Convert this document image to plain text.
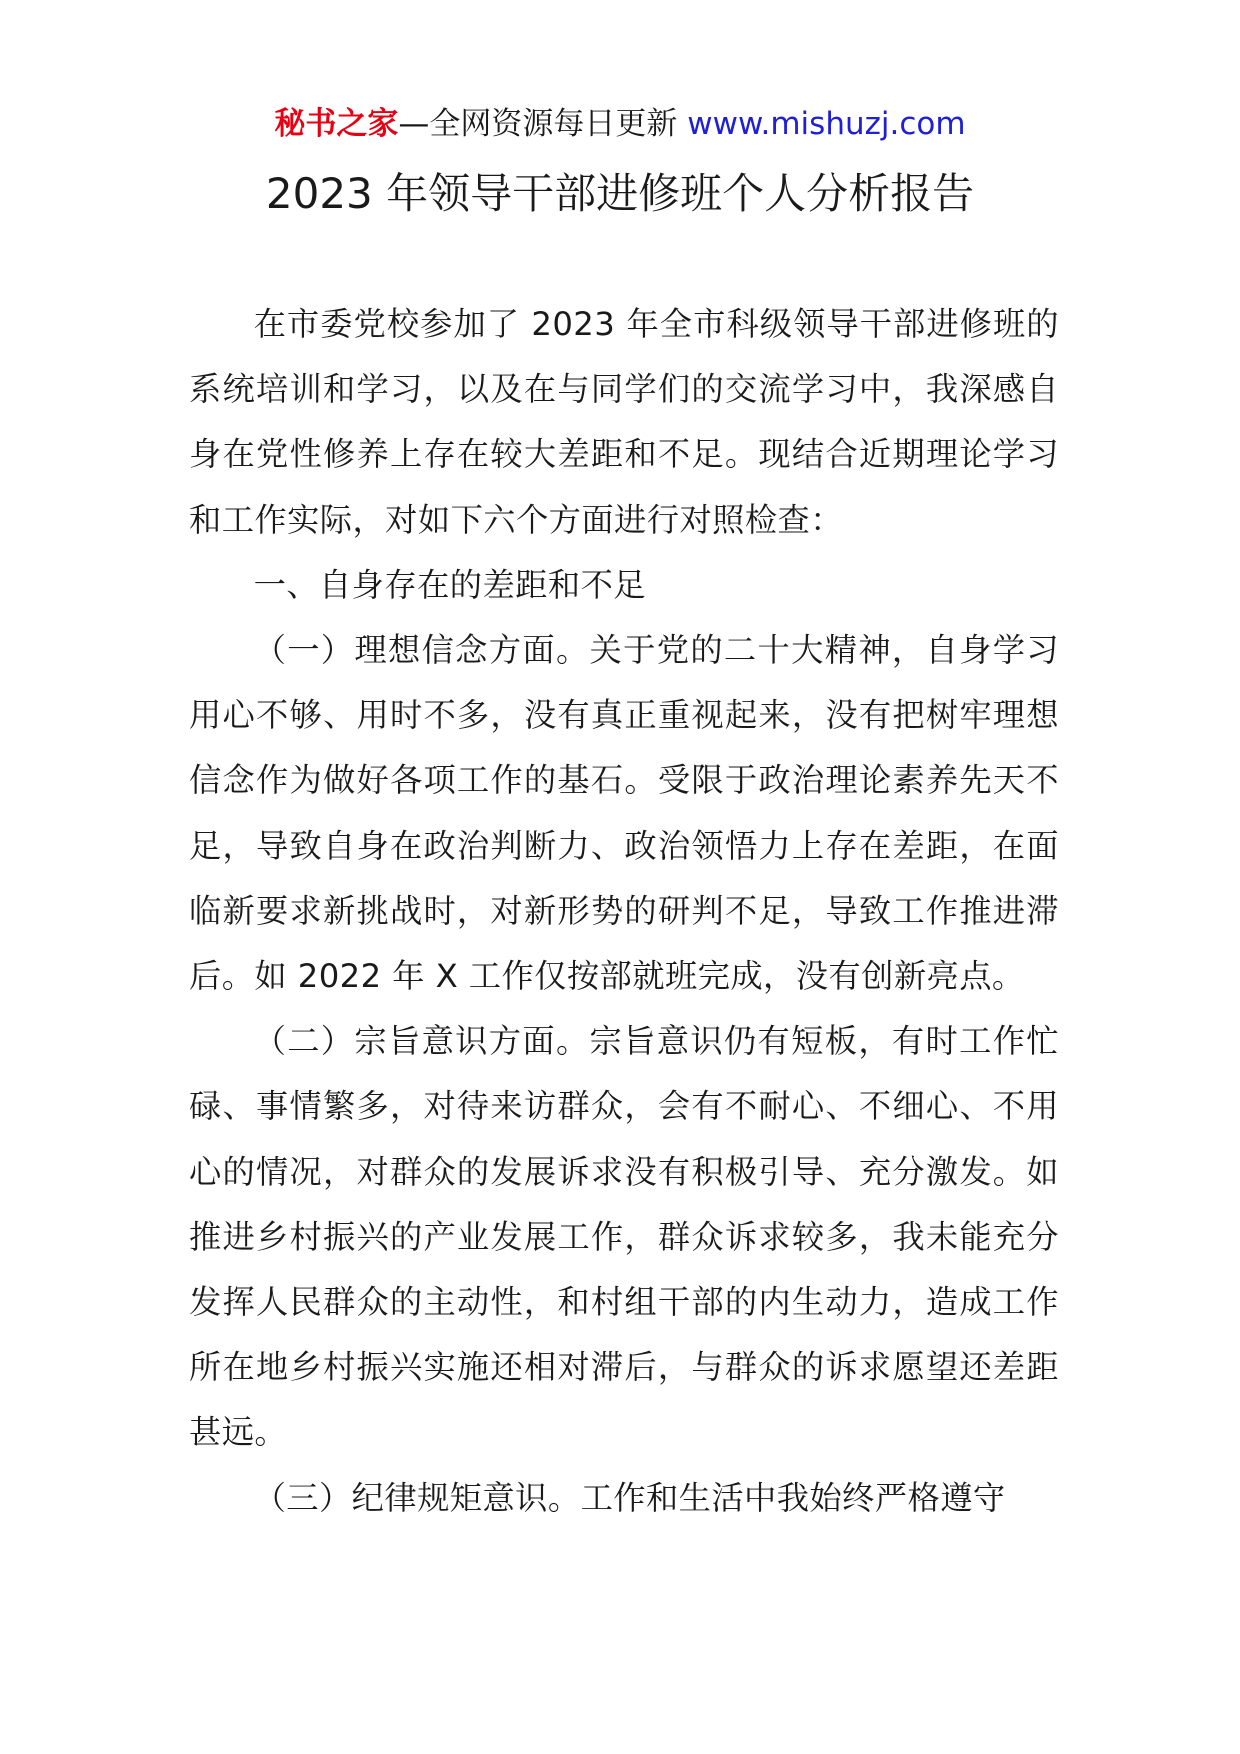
秘书之家—全网资源每日更新 www.mishuzj.com
2023 年领导干部进修班个人分析报告

在市委党校参加了 2023 年全市科级领导干部进修班的系统培训和学习，以及在与同学们的交流学习中，我深感自身在党性修养上存在较大差距和不足。现结合近期理论学习和工作实际，对如下六个方面进行对照检查：

一、自身存在的差距和不足

（一）理想信念方面。关于党的二十大精神，自身学习用心不够、用时不多，没有真正重视起来，没有把树牢理想信念作为做好各项工作的基石。受限于政治理论素养先天不足，导致自身在政治判断力、政治领悟力上存在差距，在面临新要求新挑战时，对新形势的研判不足，导致工作推进滞后。如 2022 年 X 工作仅按部就班完成，没有创新亮点。

（二）宗旨意识方面。宗旨意识仍有短板，有时工作忙碌、事情繁多，对待来访群众，会有不耐心、不细心、不用心的情况，对群众的发展诉求没有积极引导、充分激发。如推进乡村振兴的产业发展工作，群众诉求较多，我未能充分发挥人民群众的主动性，和村组干部的内生动力，造成工作所在地乡村振兴实施还相对滞后，与群众的诉求愿望还差距甚远。

（三）纪律规矩意识。工作和生活中我始终严格遵守
